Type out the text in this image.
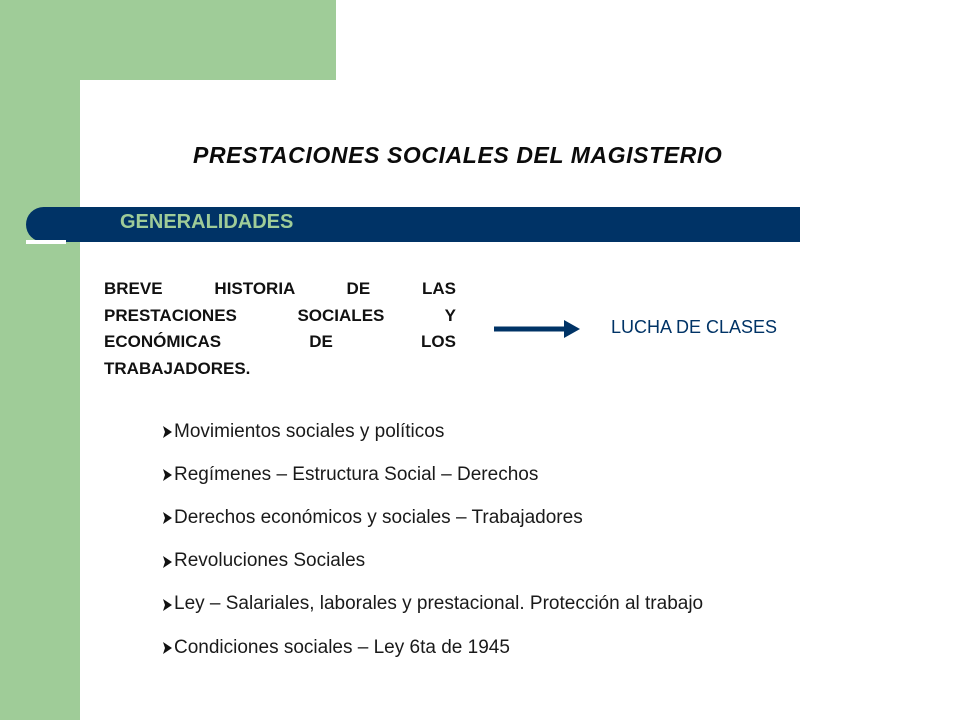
PRESTACIONES SOCIALES DEL MAGISTERIO
GENERALIDADES
BREVE HISTORIA DE LAS
PRESTACIONES SOCIALES Y
ECONÓMICAS DE LOS
TRABAJADORES.
LUCHA DE CLASES
Movimientos sociales y políticos
Regímenes – Estructura Social – Derechos
Derechos económicos y sociales – Trabajadores
Revoluciones Sociales
Ley – Salariales, laborales y prestacional. Protección al trabajo
Condiciones sociales – Ley 6ta de 1945
